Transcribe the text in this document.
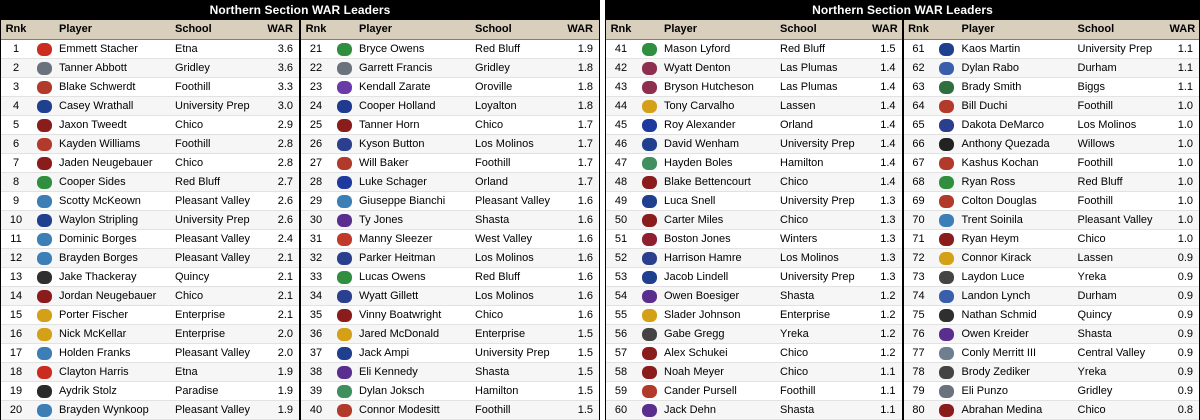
Northern Section WAR Leaders
Rnk	Player	School	WAR
1	Emmett Stacher	Etna	3.6
2	Tanner Abbott	Gridley	3.6
3	Blake Schwerdt	Foothill	3.3
4	Casey Wrathall	University Prep	3.0
5	Jaxon Tweedt	Chico	2.9
6	Kayden Williams	Foothill	2.8
7	Jaden Neugebauer	Chico	2.8
8	Cooper Sides	Red Bluff	2.7
9	Scotty McKeown	Pleasant Valley	2.6
10	Waylon Stripling	University Prep	2.6
11	Dominic Borges	Pleasant Valley	2.4
12	Brayden Borges	Pleasant Valley	2.1
13	Jake Thackeray	Quincy	2.1
14	Jordan Neugebauer	Chico	2.1
15	Porter Fischer	Enterprise	2.1
16	Nick McKellar	Enterprise	2.0
17	Holden Franks	Pleasant Valley	2.0
18	Clayton Harris	Etna	1.9
19	Aydrik Stolz	Paradise	1.9
20	Brayden Wynkoop	Pleasant Valley	1.9
Rnk	Player	School	WAR
21	Bryce Owens	Red Bluff	1.9
22	Garrett Francis	Gridley	1.8
23	Kendall Zarate	Oroville	1.8
24	Cooper Holland	Loyalton	1.8
25	Tanner Horn	Chico	1.7
26	Kyson Button	Los Molinos	1.7
27	Will Baker	Foothill	1.7
28	Luke Schager	Orland	1.7
29	Giuseppe Bianchi	Pleasant Valley	1.6
30	Ty Jones	Shasta	1.6
31	Manny Sleezer	West Valley	1.6
32	Parker Heitman	Los Molinos	1.6
33	Lucas Owens	Red Bluff	1.6
34	Wyatt Gillett	Los Molinos	1.6
35	Vinny Boatwright	Chico	1.6
36	Jared McDonald	Enterprise	1.5
37	Jack Ampi	University Prep	1.5
38	Eli Kennedy	Shasta	1.5
39	Dylan Joksch	Hamilton	1.5
40	Connor Modesitt	Foothill	1.5
Northern Section WAR Leaders
Rnk	Player	School	WAR
41	Mason Lyford	Red Bluff	1.5
42	Wyatt Denton	Las Plumas	1.4
43	Bryson Hutcheson	Las Plumas	1.4
44	Tony Carvalho	Lassen	1.4
45	Roy Alexander	Orland	1.4
46	David Wenham	University Prep	1.4
47	Hayden Boles	Hamilton	1.4
48	Blake Bettencourt	Chico	1.4
49	Luca Snell	University Prep	1.3
50	Carter Miles	Chico	1.3
51	Boston Jones	Winters	1.3
52	Harrison Hamre	Los Molinos	1.3
53	Jacob Lindell	University Prep	1.3
54	Owen Boesiger	Shasta	1.2
55	Slader Johnson	Enterprise	1.2
56	Gabe Gregg	Yreka	1.2
57	Alex Schukei	Chico	1.2
58	Noah Meyer	Chico	1.1
59	Cander Pursell	Foothill	1.1
60	Jack Dehn	Shasta	1.1
Rnk	Player	School	WAR
61	Kaos Martin	University Prep	1.1
62	Dylan Rabo	Durham	1.1
63	Brady Smith	Biggs	1.1
64	Bill Duchi	Foothill	1.0
65	Dakota DeMarco	Los Molinos	1.0
66	Anthony Quezada	Willows	1.0
67	Kashus Kochan	Foothill	1.0
68	Ryan Ross	Red Bluff	1.0
69	Colton Douglas	Foothill	1.0
70	Trent Soinila	Pleasant Valley	1.0
71	Ryan Heym	Chico	1.0
72	Connor Kirack	Lassen	0.9
73	Laydon Luce	Yreka	0.9
74	Landon Lynch	Durham	0.9
75	Nathan Schmid	Quincy	0.9
76	Owen Kreider	Shasta	0.9
77	Conly Merritt III	Central Valley	0.9
78	Brody Zediker	Yreka	0.9
79	Eli Punzo	Gridley	0.9
80	Abrahan Medina	Chico	0.8
